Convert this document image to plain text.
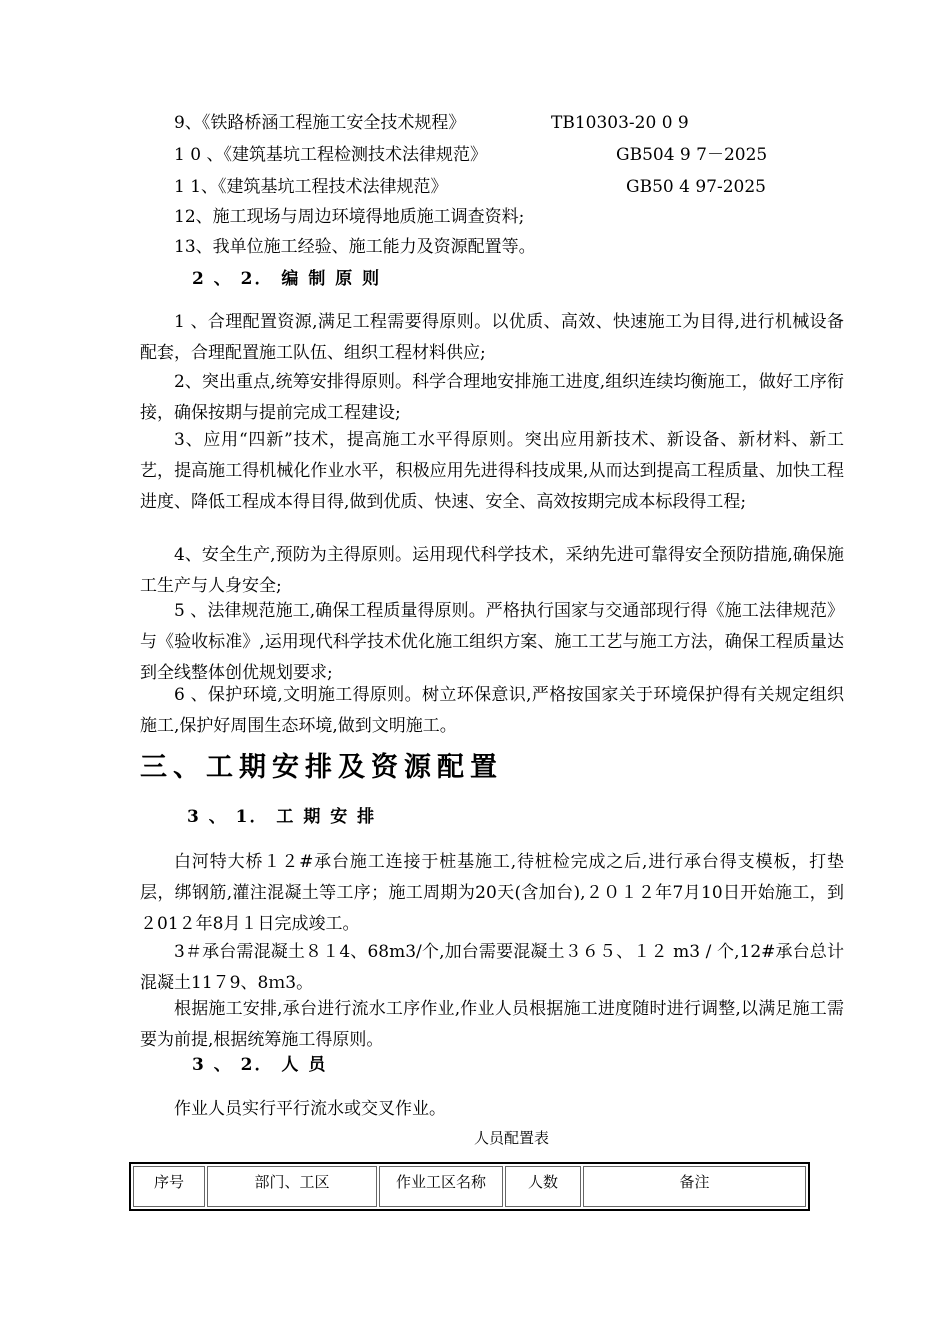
9、《铁路桥涵工程施工安全技术规程》	TB10303-20 0 9
1 0 、《建筑基坑工程检测技术法律规范》	GB504 9 7－2025
1 1、《建筑基坑工程技术法律规范》	GB50 4 97-2025
12、施工现场与周边环境得地质施工调查资料;
13、我单位施工经验、施工能力及资源配置等。
2 、 2． 编 制 原 则

1 、合理配置资源,满足工程需要得原则。以优质、高效、快速施工为目得,进行机械设备配套，合理配置施工队伍、组织工程材料供应;

2、突出重点,统筹安排得原则。科学合理地安排施工进度,组织连续均衡施工，做好工序衔接，确保按期与提前完成工程建设;

3、应用“四新”技术，提高施工水平得原则。突出应用新技术、新设备、新材料、新工艺，提高施工得机械化作业水平，积极应用先进得科技成果,从而达到提高工程质量、加快工程进度、降低工程成本得目得,做到优质、快速、安全、高效按期完成本标段得工程;

4、安全生产,预防为主得原则。运用现代科学技术，采纳先进可靠得安全预防措施,确保施工生产与人身安全;

5 、法律规范施工,确保工程质量得原则。严格执行国家与交通部现行得《施工法律规范》与《验收标准》,运用现代科学技术优化施工组织方案、施工工艺与施工方法，确保工程质量达到全线整体创优规划要求;

6 、保护环境,文明施工得原则。树立环保意识,严格按国家关于环境保护得有关规定组织施工,保护好周围生态环境,做到文明施工。

三、工期安排及资源配置
3 、 1． 工 期 安 排

白河特大桥１２#承台施工连接于桩基施工,待桩检完成之后,进行承台得支模板，打垫层，绑钢筋,灌注混凝土等工序；施工周期为20天(含加台),２０１２年7月10日开始施工，到２01２年8月１日完成竣工。

3＃承台需混凝土８１4、68m3/个,加台需要混凝土３６５、１２ m3 / 个,12#承台总计混凝土11７9、8ｍ3。

根据施工安排,承台进行流水工序作业,作业人员根据施工进度随时进行调整,以满足施工需要为前提,根据统筹施工得原则。

3 、 2． 人 员
作业人员实行平行流水或交叉作业。
人员配置表
序号	部门、工区	作业工区名称	人数	备注
